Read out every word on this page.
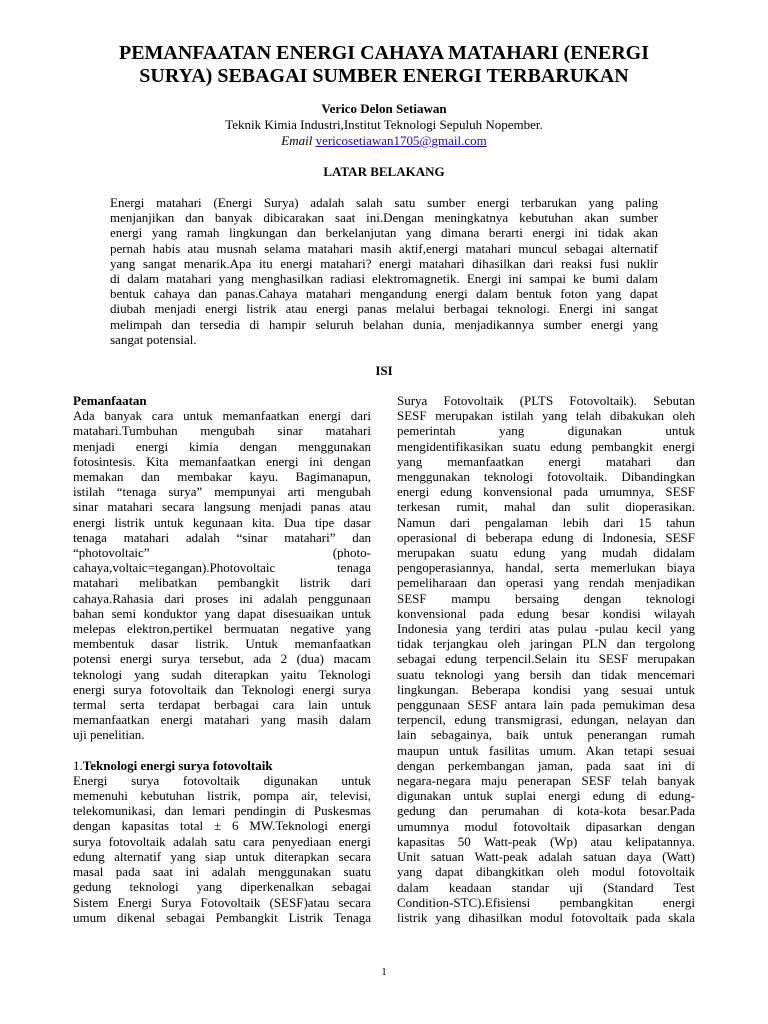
PEMANFAATAN ENERGI CAHAYA MATAHARI (ENERGI
SURYA) SEBAGAI SUMBER ENERGI TERBARUKAN
Verico Delon Setiawan
Teknik Kimia Industri,Institut Teknologi Sepuluh Nopember.
Email vericosetiawan1705@gmail.com
LATAR BELAKANG
Energi matahari (Energi Surya) adalah salah satu sumber energi terbarukan yang paling
menjanjikan dan banyak dibicarakan saat ini.Dengan meningkatnya kebutuhan akan sumber
energi yang ramah lingkungan dan berkelanjutan yang dimana berarti energi ini tidak akan
pernah habis atau musnah selama matahari masih aktif,energi matahari muncul sebagai alternatif
yang sangat menarik.Apa itu energi matahari? energi matahari dihasilkan dari reaksi fusi nuklir
di dalam matahari yang menghasilkan radiasi elektromagnetik. Energi ini sampai ke bumi dalam
bentuk cahaya dan panas.Cahaya matahari mengandung energi dalam bentuk foton yang dapat
diubah menjadi energi listrik atau energi panas melalui berbagai teknologi. Energi ini sangat
melimpah dan tersedia di hampir seluruh belahan dunia, menjadikannya sumber energi yang
sangat potensial.
ISI
Pemanfaatan
Ada banyak cara untuk memanfaatkan energi dari
matahari.Tumbuhan mengubah sinar matahari
menjadi energi kimia dengan menggunakan
fotosintesis. Kita memanfaatkan energi ini dengan
memakan dan membakar kayu. Bagimanapun,
istilah “tenaga surya” mempunyai arti mengubah
sinar matahari secara langsung menjadi panas atau
energi listrik untuk kegunaan kita. Dua tipe dasar
tenaga matahari adalah “sinar matahari” dan
“photovoltaic” (photo-
cahaya,voltaic=tegangan).Photovoltaic tenaga
matahari melibatkan pembangkit listrik dari
cahaya.Rahasia dari proses ini adalah penggunaan
bahan semi konduktor yang dapat disesuaikan untuk
melepas elektron,pertikel bermuatan negative yang
membentuk dasar listrik. Untuk memanfaatkan
potensi energi surya tersebut, ada 2 (dua) macam
teknologi yang sudah diterapkan yaitu Teknologi
energi surya fotovoltaik dan Teknologi energi surya
termal serta terdapat berbagai cara lain untuk
memanfaatkan energi matahari yang masih dalam
uji penelitian.
1.Teknologi energi surya fotovoltaik
Energi surya fotovoltaik digunakan untuk
memenuhi kebutuhan listrik, pompa air, televisi,
telekomunikasi, dan lemari pendingin di Puskesmas
dengan kapasitas total ± 6 MW.Teknologi energi
surya fotovoltaik adalah satu cara penyediaan energi
edung alternatif yang siap untuk diterapkan secara
masal pada saat ini adalah menggunakan suatu
gedung teknologi yang diperkenalkan sebagai
Sistem Energi Surya Fotovoltaik (SESF)atau secara
umum dikenal sebagai Pembangkit Listrik Tenaga
Surya Fotovoltaik (PLTS Fotovoltaik). Sebutan
SESF merupakan istilah yang telah dibakukan oleh
pemerintah yang digunakan untuk
mengidentifikasikan suatu edung pembangkit energi
yang memanfaatkan energi matahari dan
menggunakan teknologi fotovoltaik. Dibandingkan
energi edung konvensional pada umumnya, SESF
terkesan rumit, mahal dan sulit dioperasikan.
Namun dari pengalaman lebih dari 15 tahun
operasional di beberapa edung di Indonesia, SESF
merupakan suatu edung yang mudah didalam
pengoperasiannya, handal, serta memerlukan biaya
pemeliharaan dan operasi yang rendah menjadikan
SESF mampu bersaing dengan teknologi
konvensional pada edung besar kondisi wilayah
Indonesia yang terdiri atas pulau -pulau kecil yang
tidak terjangkau oleh jaringan PLN dan tergolong
sebagai edung terpencil.Selain itu SESF merupakan
suatu teknologi yang bersih dan tidak mencemari
lingkungan. Beberapa kondisi yang sesuai untuk
penggunaan SESF antara lain pada pemukiman desa
terpencil, edung transmigrasi, edungan, nelayan dan
lain sebagainya, baik untuk penerangan rumah
maupun untuk fasilitas umum. Akan tetapi sesuai
dengan perkembangan jaman, pada saat ini di
negara-negara maju penerapan SESF telah banyak
digunakan untuk suplai energi edung di edung-
gedung dan perumahan di kota-kota besar.Pada
umumnya modul fotovoltaik dipasarkan dengan
kapasitas 50 Watt-peak (Wp) atau kelipatannya.
Unit satuan Watt-peak adalah satuan daya (Watt)
yang dapat dibangkitkan oleh modul fotovoltaik
dalam keadaan standar uji (Standard Test
Condition-STC).Efisiensi pembangkitan energi
listrik yang dihasilkan modul fotovoltaik pada skala
1
